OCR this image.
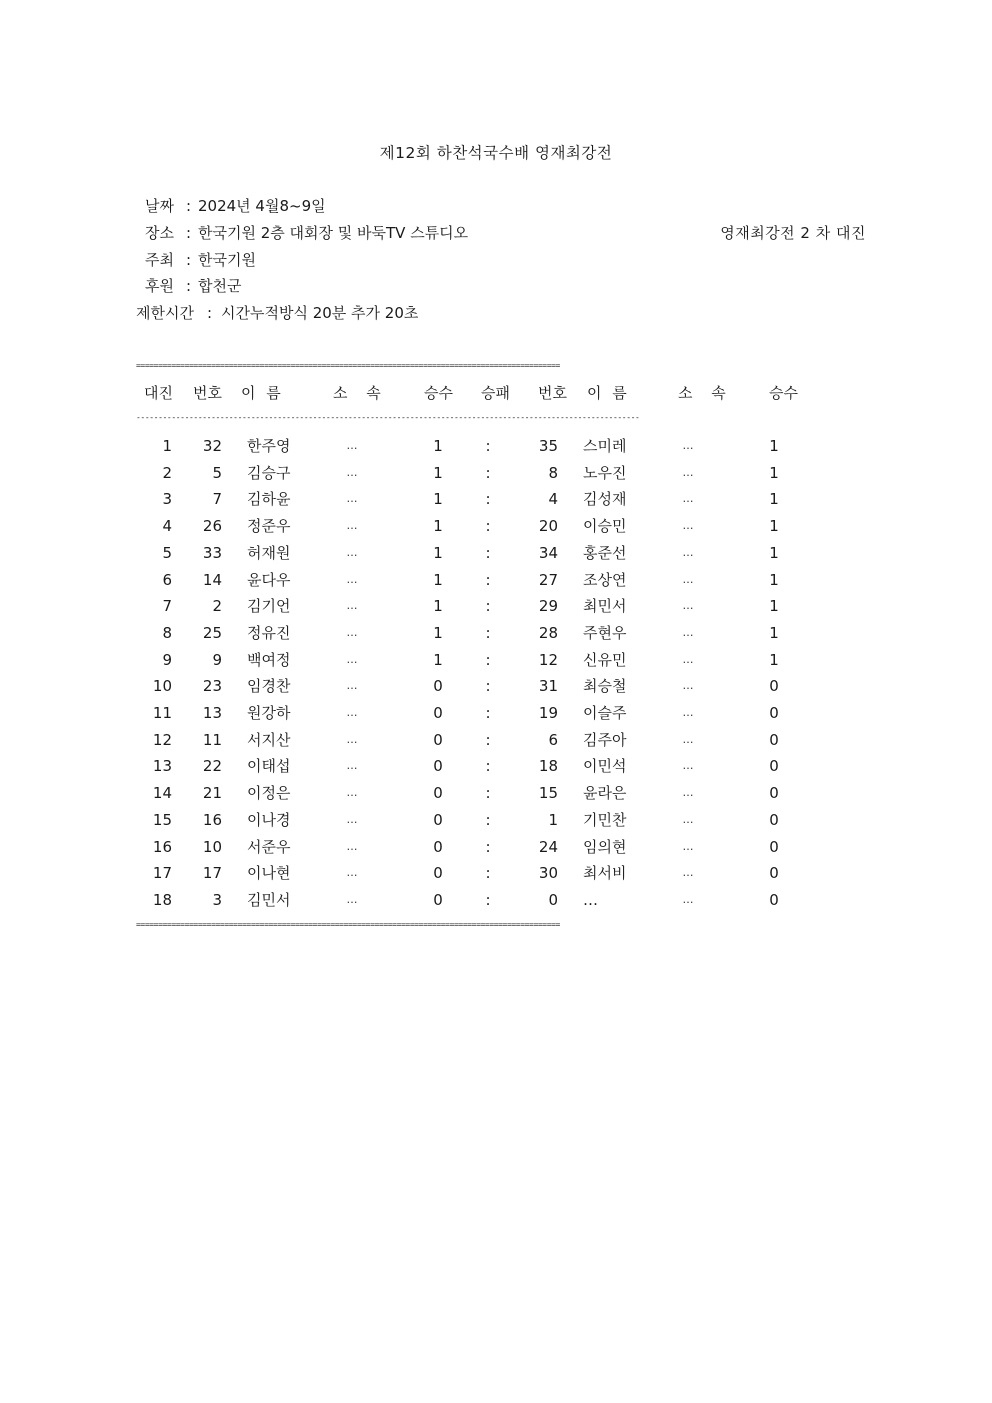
제12회 하찬석국수배 영재최강전
날짜 : 2024년 4월8~9일
장소 : 한국기원 2층 대회장 및 바둑TV 스튜디오	영재최강전 2 차 대진
주최 : 한국기원
후원 : 합천군
제한시간 : 시간누적방식 20분 추가 20초
================================================================================================
------------------------------------------------------------------------------------------------------------------
================================================================================================
대진 번호 이 름	소 속	승수 승패 번호 이 름	소 속	승수
1	32 한주영	…	1	:	35 스미레	…	1
2	5 김승구	…	1	:	8 노우진	…	1
3	7 김하윤	…	1	:	4 김성재	…	1
4	26 정준우	…	1	:	20 이승민	…	1
5	33 허재원	…	1	:	34 홍준선	…	1
6	14 윤다우	…	1	:	27 조상연	…	1
7	2 김기언	…	1	:	29 최민서	…	1
8	25 정유진	…	1	:	28 주현우	…	1
9	9 백여정	…	1	:	12 신유민	…	1
10	23 임경찬	…	0	:	31 최승철	…	0
11	13 원강하	…	0	:	19 이슬주	…	0
12	11 서지산	…	0	:	6 김주아	…	0
13	22 이태섭	…	0	:	18 이민석	…	0
14	21 이정은	…	0	:	15 윤라은	…	0
15	16 이나경	…	0	:	1 기민찬	…	0
16	10 서준우	…	0	:	24 임의현	…	0
17	17 이나현	…	0	:	30 최서비	…	0
18	3 김민서	…	0	:	0 …	…	0
